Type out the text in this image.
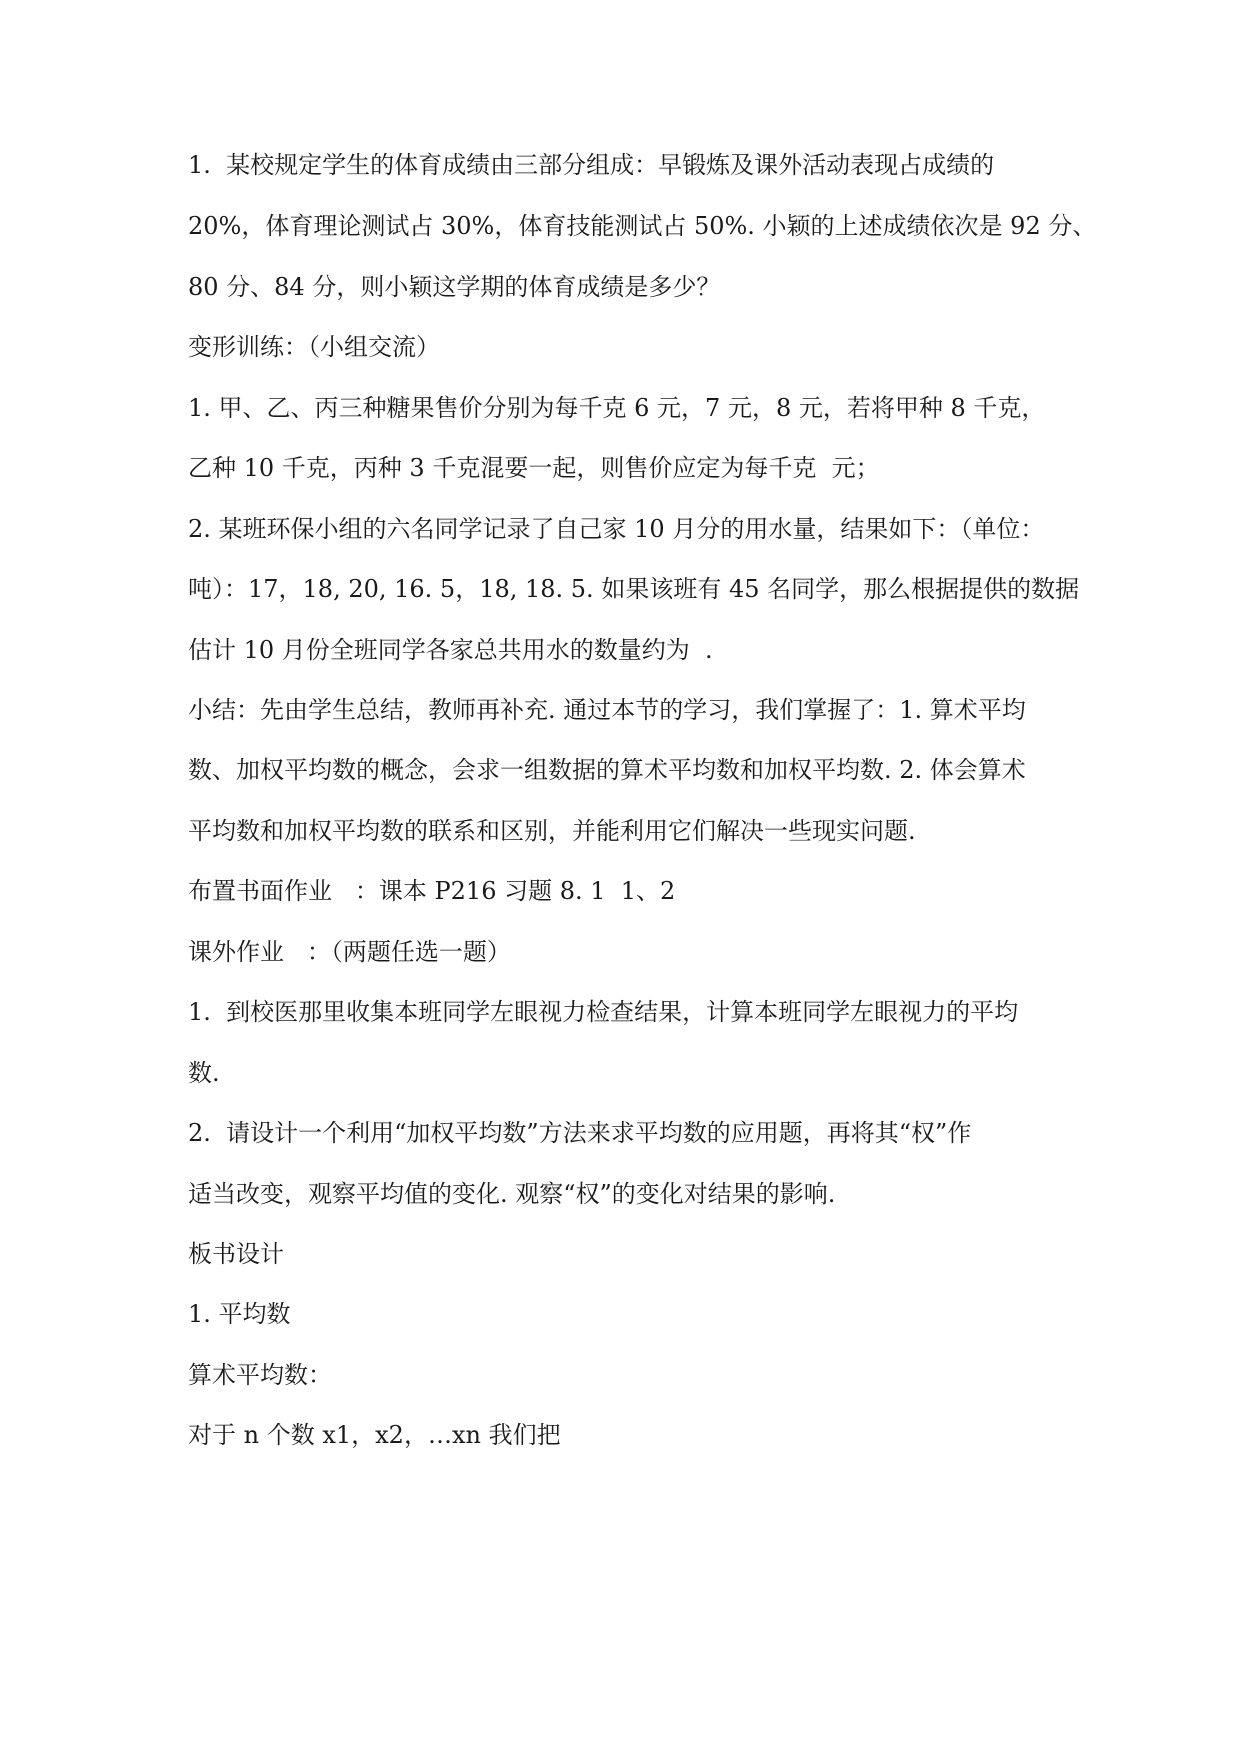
1.  某校规定学生的体育成绩由三部分组成：早锻炼及课外活动表现占成绩的
20%，体育理论测试占 30%，体育技能测试占 50%. 小颖的上述成绩依次是 92 分、
80 分、84 分，则小颖这学期的体育成绩是多少？
变形训练：（小组交流）
1. 甲、乙、丙三种糖果售价分别为每千克 6 元，7 元，8 元，若将甲种 8 千克，
乙种 10 千克，丙种 3 千克混要一起，则售价应定为每千克  元；
2. 某班环保小组的六名同学记录了自己家 10 月分的用水量，结果如下：（单位：
吨）：17，18, 20, 16. 5，18, 18. 5. 如果该班有 45 名同学，那么根据提供的数据
估计 10 月份全班同学各家总共用水的数量约为  .
小结：先由学生总结，教师再补充. 通过本节的学习，我们掌握了：1. 算术平均
数、加权平均数的概念，会求一组数据的算术平均数和加权平均数. 2. 体会算术
平均数和加权平均数的联系和区别，并能利用它们解决一些现实问题.
布置书面作业   ：课本 P216 习题 8. 1  1、2
课外作业   ：（两题任选一题）
1.  到校医那里收集本班同学左眼视力检查结果，计算本班同学左眼视力的平均
数.
2.  请设计一个利用“加权平均数”方法来求平均数的应用题，再将其“权”作
适当改变，观察平均值的变化. 观察“权”的变化对结果的影响.
板书设计
1. 平均数
算术平均数：
对于 n 个数 x1，x2，…xn 我们把
